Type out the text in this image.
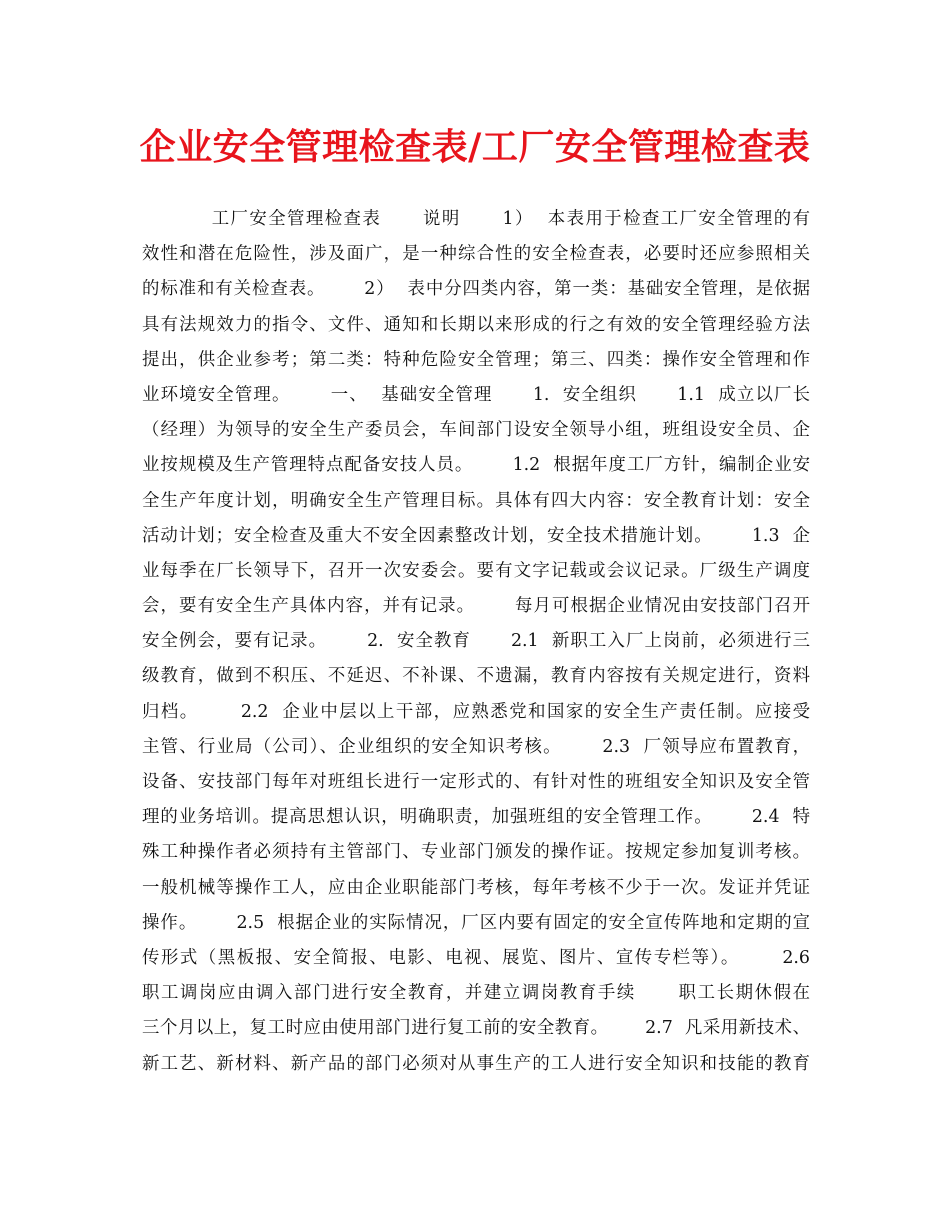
企业安全管理检查表/工厂安全管理检查表
工厂安全管理检查表      说明      1）  本表用于检查工厂安全管理的有
效性和潜在危险性，涉及面广，是一种综合性的安全检查表，必要时还应参照相关
的标准和有关检查表。      2）  表中分四类内容，第一类：基础安全管理，是依据
具有法规效力的指令、文件、通知和长期以来形成的行之有效的安全管理经验方法
提出，供企业参考；第二类：特种危险安全管理；第三、四类：操作安全管理和作
业环境安全管理。      一、  基础安全管理      1.  安全组织      1.1  成立以厂长
（经理）为领导的安全生产委员会，车间部门设安全领导小组，班组设安全员、企
业按规模及生产管理特点配备安技人员。      1.2  根据年度工厂方针，编制企业安
全生产年度计划，明确安全生产管理目标。具体有四大内容：安全教育计划：安全
活动计划；安全检查及重大不安全因素整改计划，安全技术措施计划。      1.3  企
业每季在厂长领导下，召开一次安委会。要有文字记载或会议记录。厂级生产调度
会，要有安全生产具体内容，并有记录。      每月可根据企业情况由安技部门召开
安全例会，要有记录。      2.  安全教育      2.1  新职工入厂上岗前，必须进行三
级教育，做到不积压、不延迟、不补课、不遗漏，教育内容按有关规定进行，资料
归档。      2.2  企业中层以上干部，应熟悉党和国家的安全生产责任制。应接受
主管、行业局（公司）、企业组织的安全知识考核。      2.3  厂领导应布置教育，
设备、安技部门每年对班组长进行一定形式的、有针对性的班组安全知识及安全管
理的业务培训。提高思想认识，明确职责，加强班组的安全管理工作。      2.4  特
殊工种操作者必须持有主管部门、专业部门颁发的操作证。按规定参加复训考核。
一般机械等操作工人，应由企业职能部门考核，每年考核不少于一次。发证并凭证
操作。      2.5  根据企业的实际情况，厂区内要有固定的安全宣传阵地和定期的宣
传形式（黑板报、安全简报、电影、电视、展览、图片、宣传专栏等）。      2.6
职工调岗应由调入部门进行安全教育，并建立调岗教育手续      职工长期休假在
三个月以上，复工时应由使用部门进行复工前的安全教育。      2.7  凡采用新技术、
新工艺、新材料、新产品的部门必须对从事生产的工人进行安全知识和技能的教育
